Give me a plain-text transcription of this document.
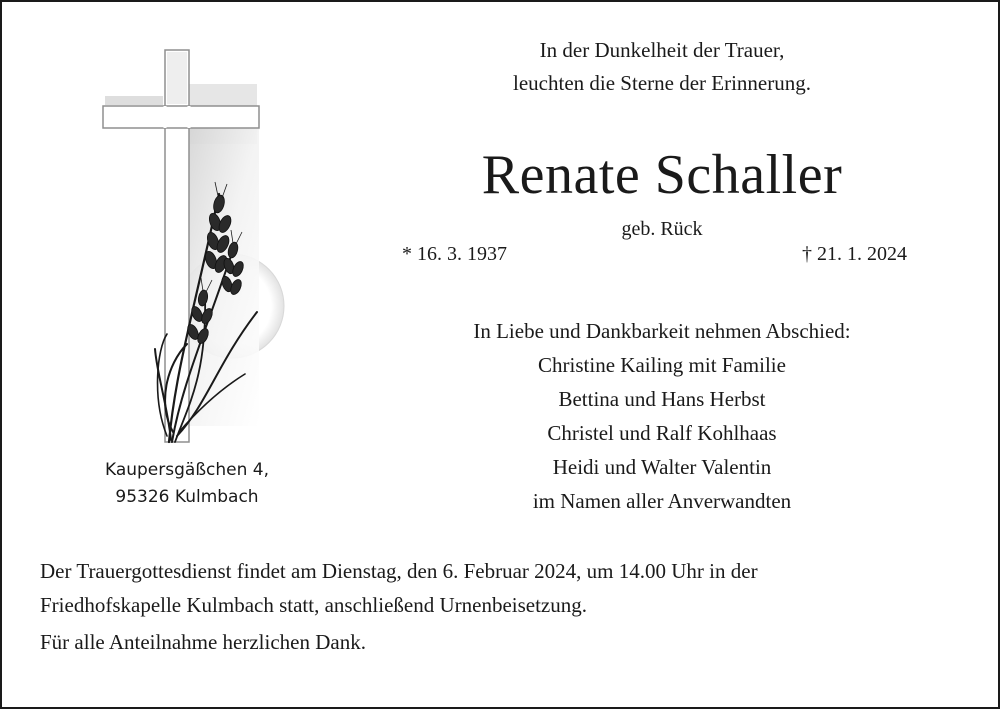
In der Dunkelheit der Trauer,
leuchten die Sterne der Erinnerung.
Renate Schaller
geb. Rück
* 16. 3. 1937	† 21. 1. 2024
In Liebe und Dankbarkeit nehmen Abschied:
Christine Kailing mit Familie
Bettina und Hans Herbst
Christel und Ralf Kohlhaas
Heidi und Walter Valentin
im Namen aller Anverwandten
Kaupersgäßchen 4,
95326 Kulmbach
Der Trauergottesdienst findet am Dienstag, den 6. Februar 2024, um 14.00 Uhr in der
Friedhofskapelle Kulmbach statt, anschließend Urnenbeisetzung.
Für alle Anteilnahme herzlichen Dank.
